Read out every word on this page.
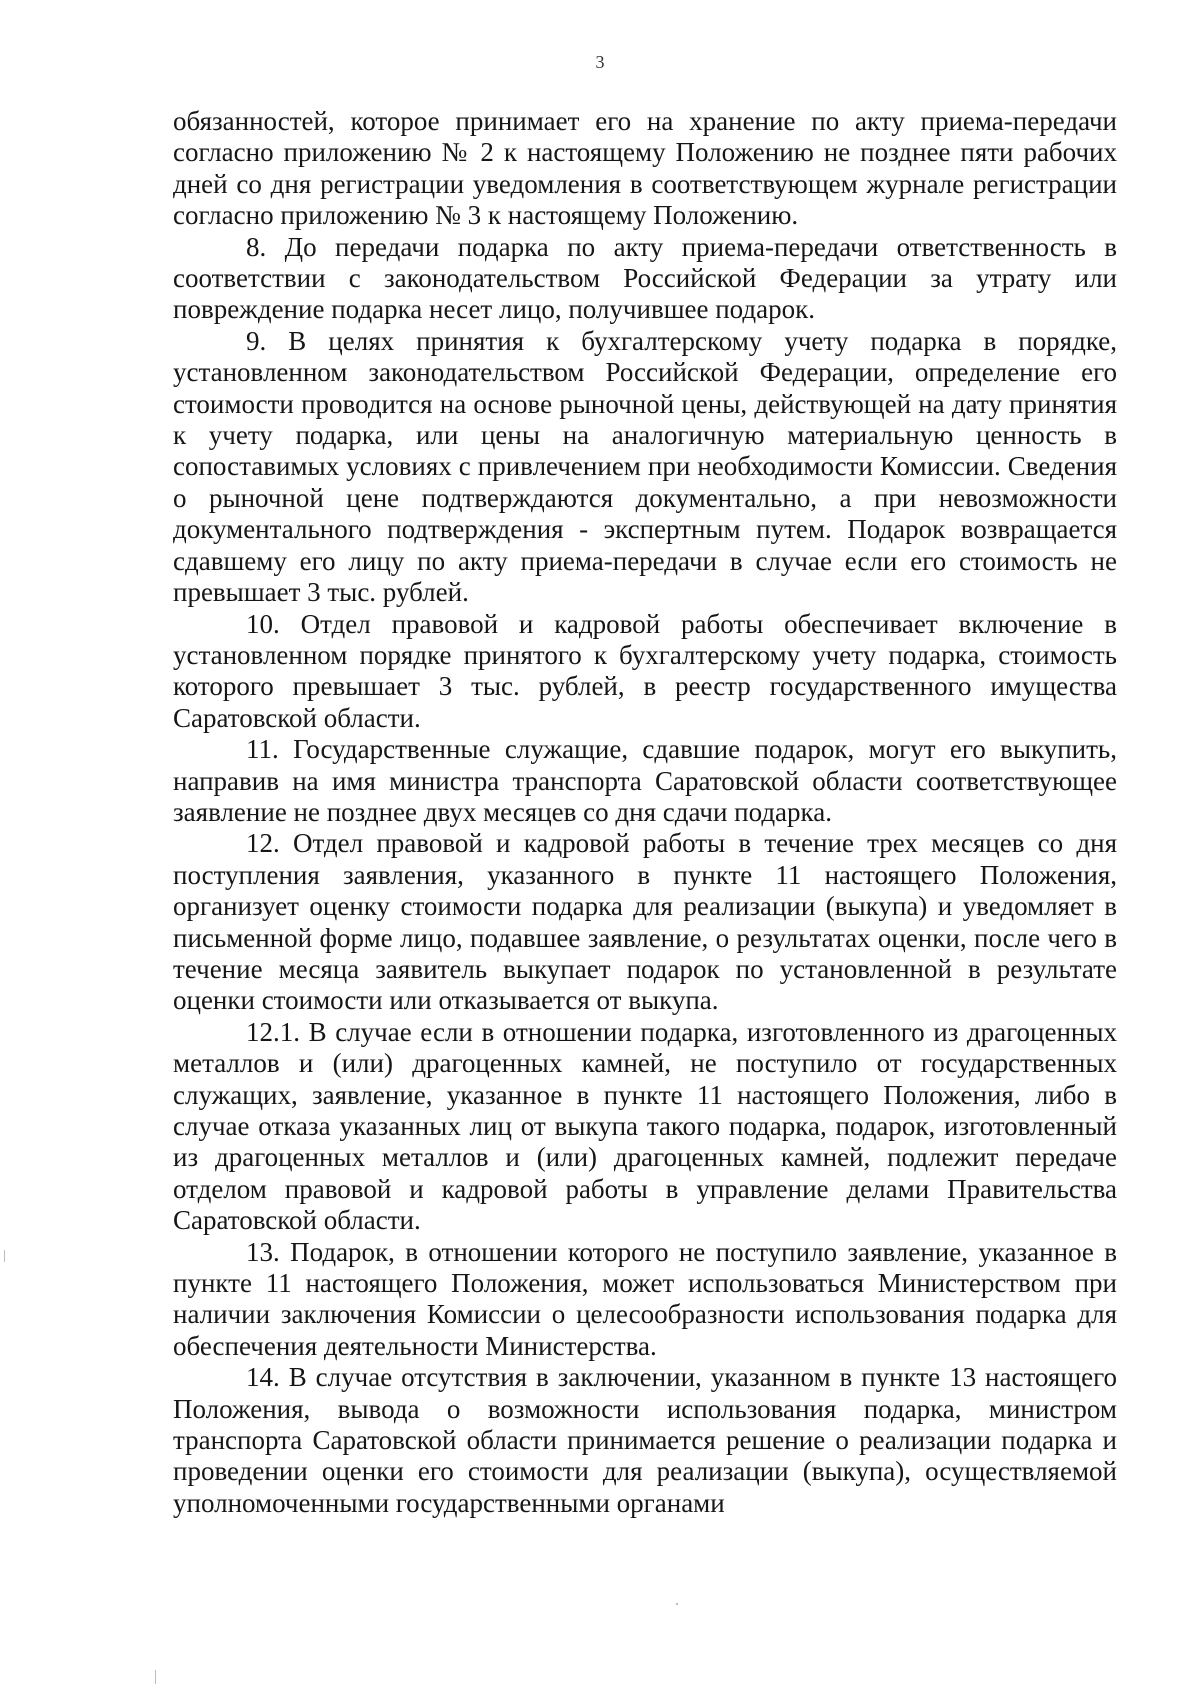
3

обязанностей, которое принимает его на хранение по акту приема-передачи согласно приложению № 2 к настоящему Положению не позднее пяти рабочих дней со дня регистрации уведомления в соответствующем журнале регистрации согласно приложению № 3 к настоящему Положению.

8. До передачи подарка по акту приема-передачи ответственность в соответствии с законодательством Российской Федерации за утрату или повреждение подарка несет лицо, получившее подарок.

9. В целях принятия к бухгалтерскому учету подарка в порядке, установленном законодательством Российской Федерации, определение его стоимости проводится на основе рыночной цены, действующей на дату принятия к учету подарка, или цены на аналогичную материальную ценность в сопоставимых условиях с привлечением при необходимости Комиссии. Сведения о рыночной цене подтверждаются документально, а при невозможности документального подтверждения - экспертным путем. Подарок возвращается сдавшему его лицу по акту приема-передачи в случае если его стоимость не превышает 3 тыс. рублей.

10. Отдел правовой и кадровой работы обеспечивает включение в установленном порядке принятого к бухгалтерскому учету подарка, стоимость которого превышает 3 тыс. рублей, в реестр государственного имущества Саратовской области.

11. Государственные служащие, сдавшие подарок, могут его выкупить, направив на имя министра транспорта Саратовской области соответствующее заявление не позднее двух месяцев со дня сдачи подарка.

12. Отдел правовой и кадровой работы в течение трех месяцев со дня поступления заявления, указанного в пункте 11 настоящего Положения, организует оценку стоимости подарка для реализации (выкупа) и уведомляет в письменной форме лицо, подавшее заявление, о результатах оценки, после чего в течение месяца заявитель выкупает подарок по установленной в результате оценки стоимости или отказывается от выкупа.

12.1. В случае если в отношении подарка, изготовленного из драгоценных металлов и (или) драгоценных камней, не поступило от государственных служащих, заявление, указанное в пункте 11 настоящего Положения, либо в случае отказа указанных лиц от выкупа такого подарка, подарок, изготовленный из драгоценных металлов и (или) драгоценных камней, подлежит передаче отделом правовой и кадровой работы в управление делами Правительства Саратовской области.

13. Подарок, в отношении которого не поступило заявление, указанное в пункте 11 настоящего Положения, может использоваться Министерством при наличии заключения Комиссии о целесообразности использования подарка для обеспечения деятельности Министерства.

14. В случае отсутствия в заключении, указанном в пункте 13 настоящего Положения, вывода о возможности использования подарка, министром транспорта Саратовской области принимается решение о реализации подарка и проведении оценки его стоимости для реализации (выкупа), осуществляемой уполномоченными государственными органами
